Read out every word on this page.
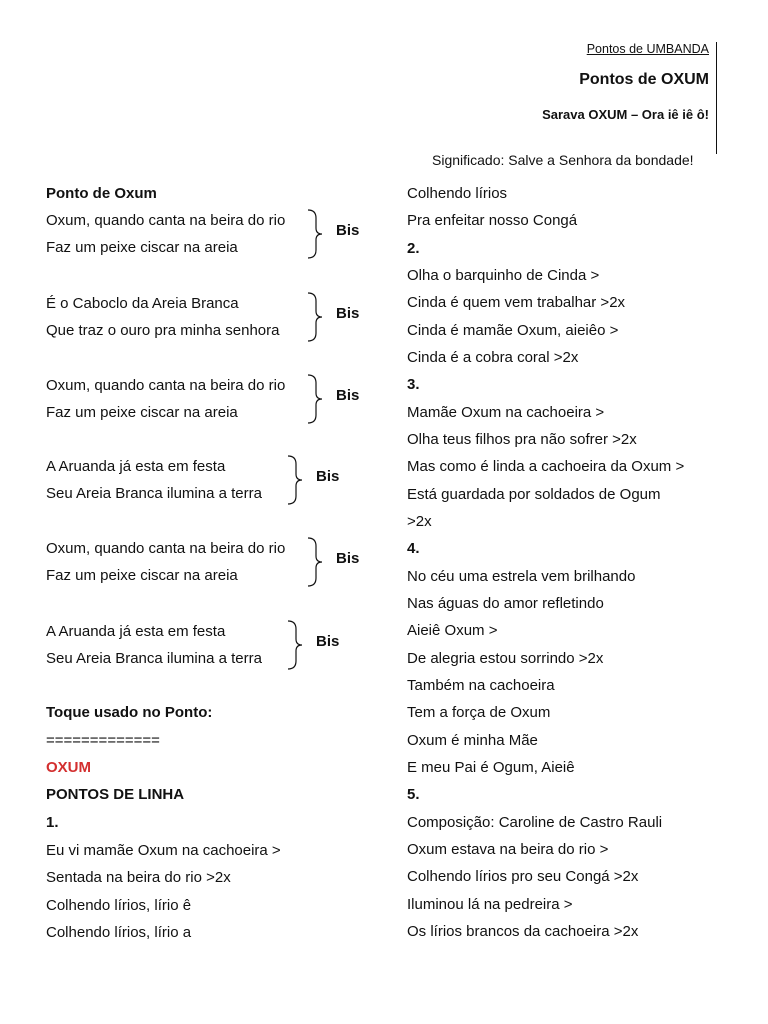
Pontos de UMBANDA
Pontos de OXUM
Sarava OXUM – Ora iê iê ô!
Significado: Salve a Senhora da bondade!
Ponto de Oxum
Oxum, quando canta na beira do rio
Faz um peixe ciscar na areia
Bis
É o Caboclo da Areia Branca
Que traz o ouro pra minha senhora
Bis
Oxum, quando canta na beira do rio
Faz um peixe ciscar na areia
Bis
A Aruanda já esta em festa
Seu Areia Branca ilumina a terra
Bis
Oxum, quando canta na beira do rio
Faz um peixe ciscar na areia
Bis
A Aruanda já esta em festa
Seu Areia Branca ilumina a terra
Bis
Toque usado no Ponto:
=============
OXUM
PONTOS DE LINHA
1.
Eu vi mamãe Oxum na cachoeira >
Sentada na beira do rio >2x
Colhendo lírios, lírio ê
Colhendo lírios, lírio a
Colhendo lírios
Pra enfeitar nosso Congá
2.
Olha o barquinho de Cinda >
Cinda é quem vem trabalhar >2x
Cinda é mamãe Oxum, aieiêo >
Cinda é a cobra coral >2x
3.
Mamãe Oxum na cachoeira >
Olha teus filhos pra não sofrer >2x
Mas como é linda a cachoeira da Oxum >
Está guardada por soldados de Ogum
>2x
4.
No céu uma estrela vem brilhando
Nas águas do amor refletindo
Aieiê Oxum >
De alegria estou sorrindo >2x
Também na cachoeira
Tem a força de Oxum
Oxum é minha Mãe
E meu Pai é Ogum, Aieiê
5.
Composição: Caroline de Castro Rauli
Oxum estava na beira do rio >
Colhendo lírios pro seu Congá >2x
Iluminou lá na pedreira >
Os lírios brancos da cachoeira >2x
